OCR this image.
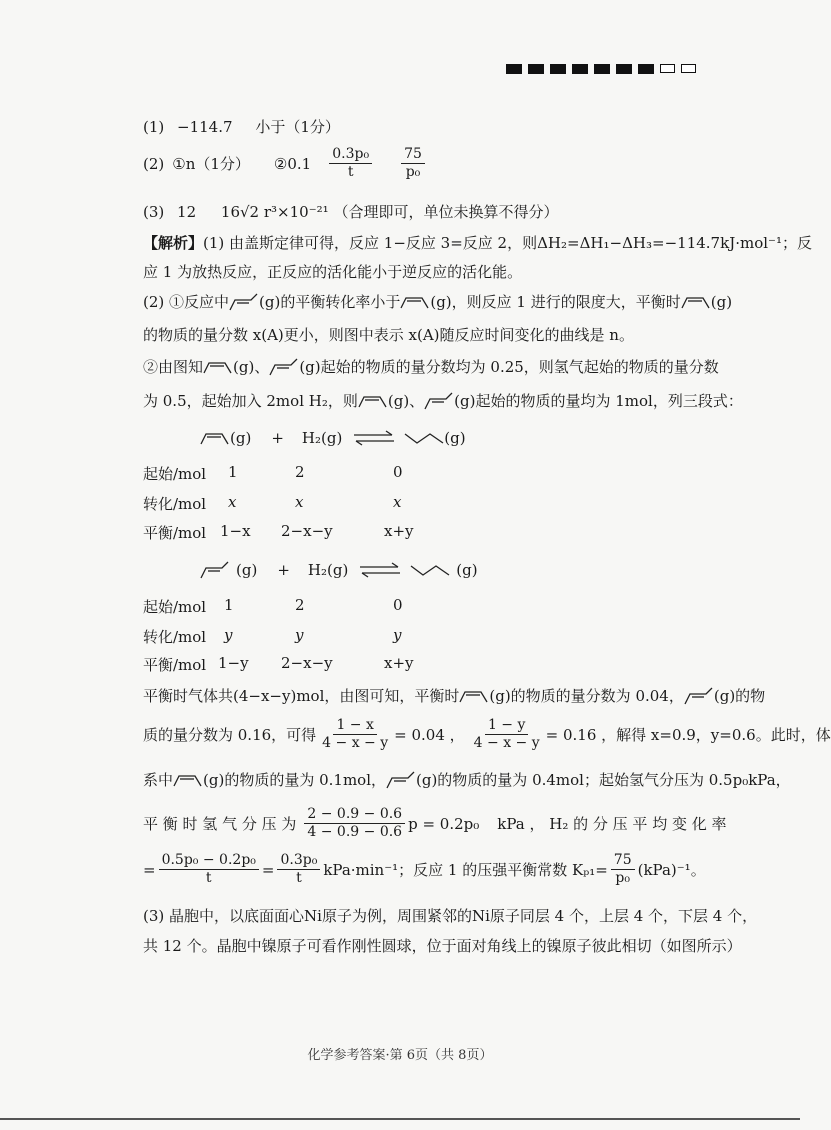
(1) −114.7 小于（1分）
(2) ①n（1分） ②0.1 $\frac{\text{0.3p₀}}{t} \frac{75}{\text{p₀}}$
(3) 12 16√2 r³×10⁻²¹ （合理即可，单位未换算不得分）
【解析】(1) 由盖斯定律可得，反应 1−反应 3=反应 2，则ΔH₂=ΔH₁−ΔH₃=−114.7kJ·mol⁻¹；反
应 1 为放热反应，正反应的活化能小于逆反应的活化能。
(2) ①反应中 (g)的平衡转化率小于 (g)，则反应 1 进行的限度大，平衡时 (g)
的物质的量分数 x(A)更小，则图中表示 x(A)随反应时间变化的曲线是 n。
②由图知 (g)、 (g)起始的物质的量分数均为 0.25，则氢气起始的物质的量分数
为 0.5，起始加入 2mol H₂，则 (g)、 (g)起始的物质的量均为 1mol，列三段式：
(g) + H₂(g) ⇌	(g)
起始/mol 1	2	0
转化/mol x	x	x
平衡/mol 1−x 2−x−y	x+y
(g) + H₂(g) ⇌	(g)
起始/mol 1	2	0
转化/mol y	y	y
平衡/mol 1−y 2−x−y	x+y
平衡时气体共(4−x−y)mol，由图可知，平衡时 (g)的物质的量分数为 0.04， (g)的物
质的量分数为 0.16，可得 $\frac{1 - x}{4 - x - y} = 0.04$ ， $\frac{1 - y}{4 - x - y} = 0.16$ ，解得 x=0.9，y=0.6。此时，体
系中 (g)的物质的量为 0.1mol， (g)的物质的量为 0.4mol；起始氢气分压为 0.5p₀kPa，
平 衡 时 氢 气 分 压 为 $\frac{2 - 0.9 - 0.6}{4 - 0.9 - 0.6}$ p = 0.2p₀ kPa ， H₂ 的 分 压 平 均 变 化 率
= $\frac{\text{0.5p₀ − 0.2p₀}}{t} = \frac{\text{0.3p₀}}{t} kPa\cdot\min^{-1}$；反应 1 的压强平衡常数 $K_{p1}= \frac{75}{\text{p₀}} (kPa)^{-1}$。
(3) 晶胞中，以底面面心Ni原子为例，周围紧邻的Ni原子同层 4 个，上层 4 个，下层 4 个，
共 12 个。晶胞中镍原子可看作刚性圆球，位于面对角线上的镍原子彼此相切（如图所示）
化学参考答案·第 6页（共 8页）
